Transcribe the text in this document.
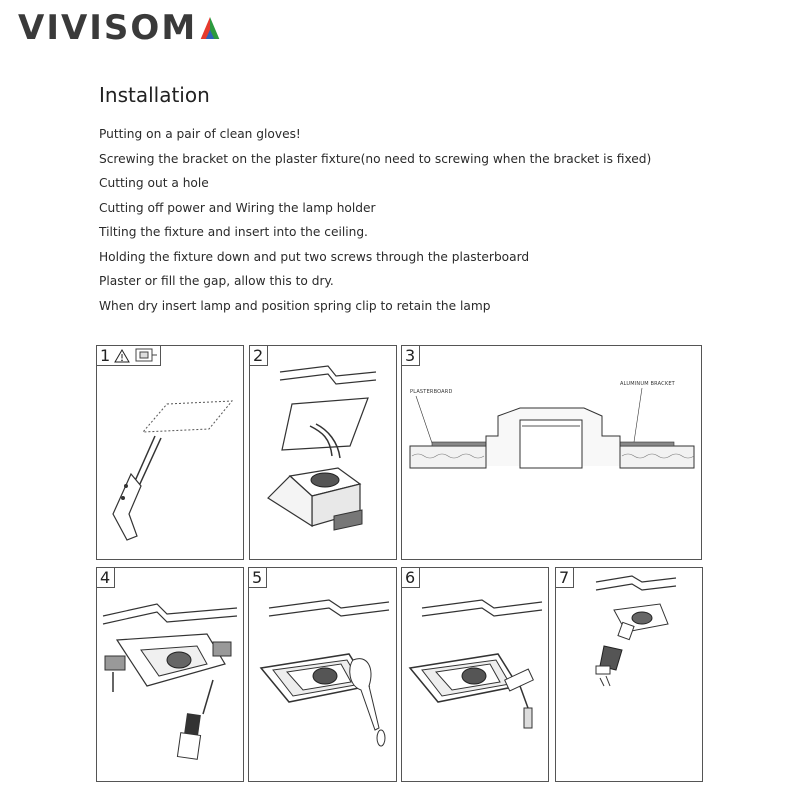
VIVISOM
Installation
Putting on a pair of clean gloves!
Screwing the bracket on the plaster fixture(no need to screwing when the bracket is fixed)
Cutting out a hole
Cutting off power and Wiring the lamp holder
Tilting the fixture and insert into the ceiling.
Holding the fixture down and put two screws through the plasterboard
Plaster or fill the gap, allow this to dry.
When dry insert lamp and position spring clip to retain the lamp
1	2
PLASTERBOARD
ALUMINUM BRACKET
3
4	5	6	7
